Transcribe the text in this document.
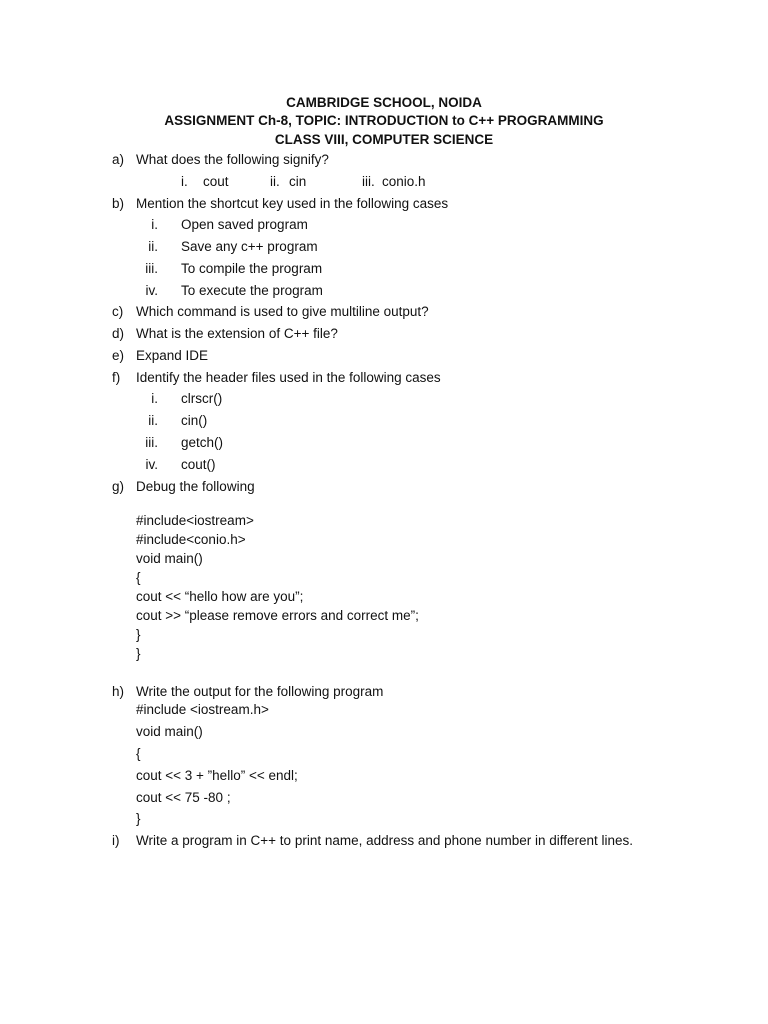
CAMBRIDGE SCHOOL, NOIDA
ASSIGNMENT Ch-8, TOPIC: INTRODUCTION to C++ PROGRAMMING
CLASS VIII, COMPUTER SCIENCE
a) What does the following signify?
i. cout	ii. cin	iii. conio.h
b) Mention the shortcut key used in the following cases
i. Open saved program
ii. Save any c++ program
iii. To compile the program
iv. To execute the program
c) Which command is used to give multiline output?
d) What is the extension of C++ file?
e) Expand IDE
f) Identify the header files used in the following cases
i. clrscr()
ii. cin()
iii. getch()
iv. cout()
g) Debug the following
#include<iostream>
#include<conio.h>
void main()
{
cout << “hello how are you”;
cout >> “please remove errors and correct me”;
}
}
h) Write the output for the following program
#include <iostream.h>
void main()
{
cout << 3 + ”hello” << endl;
cout << 75 -80 ;
}
i) Write a program in C++ to print name, address and phone number in different lines.
